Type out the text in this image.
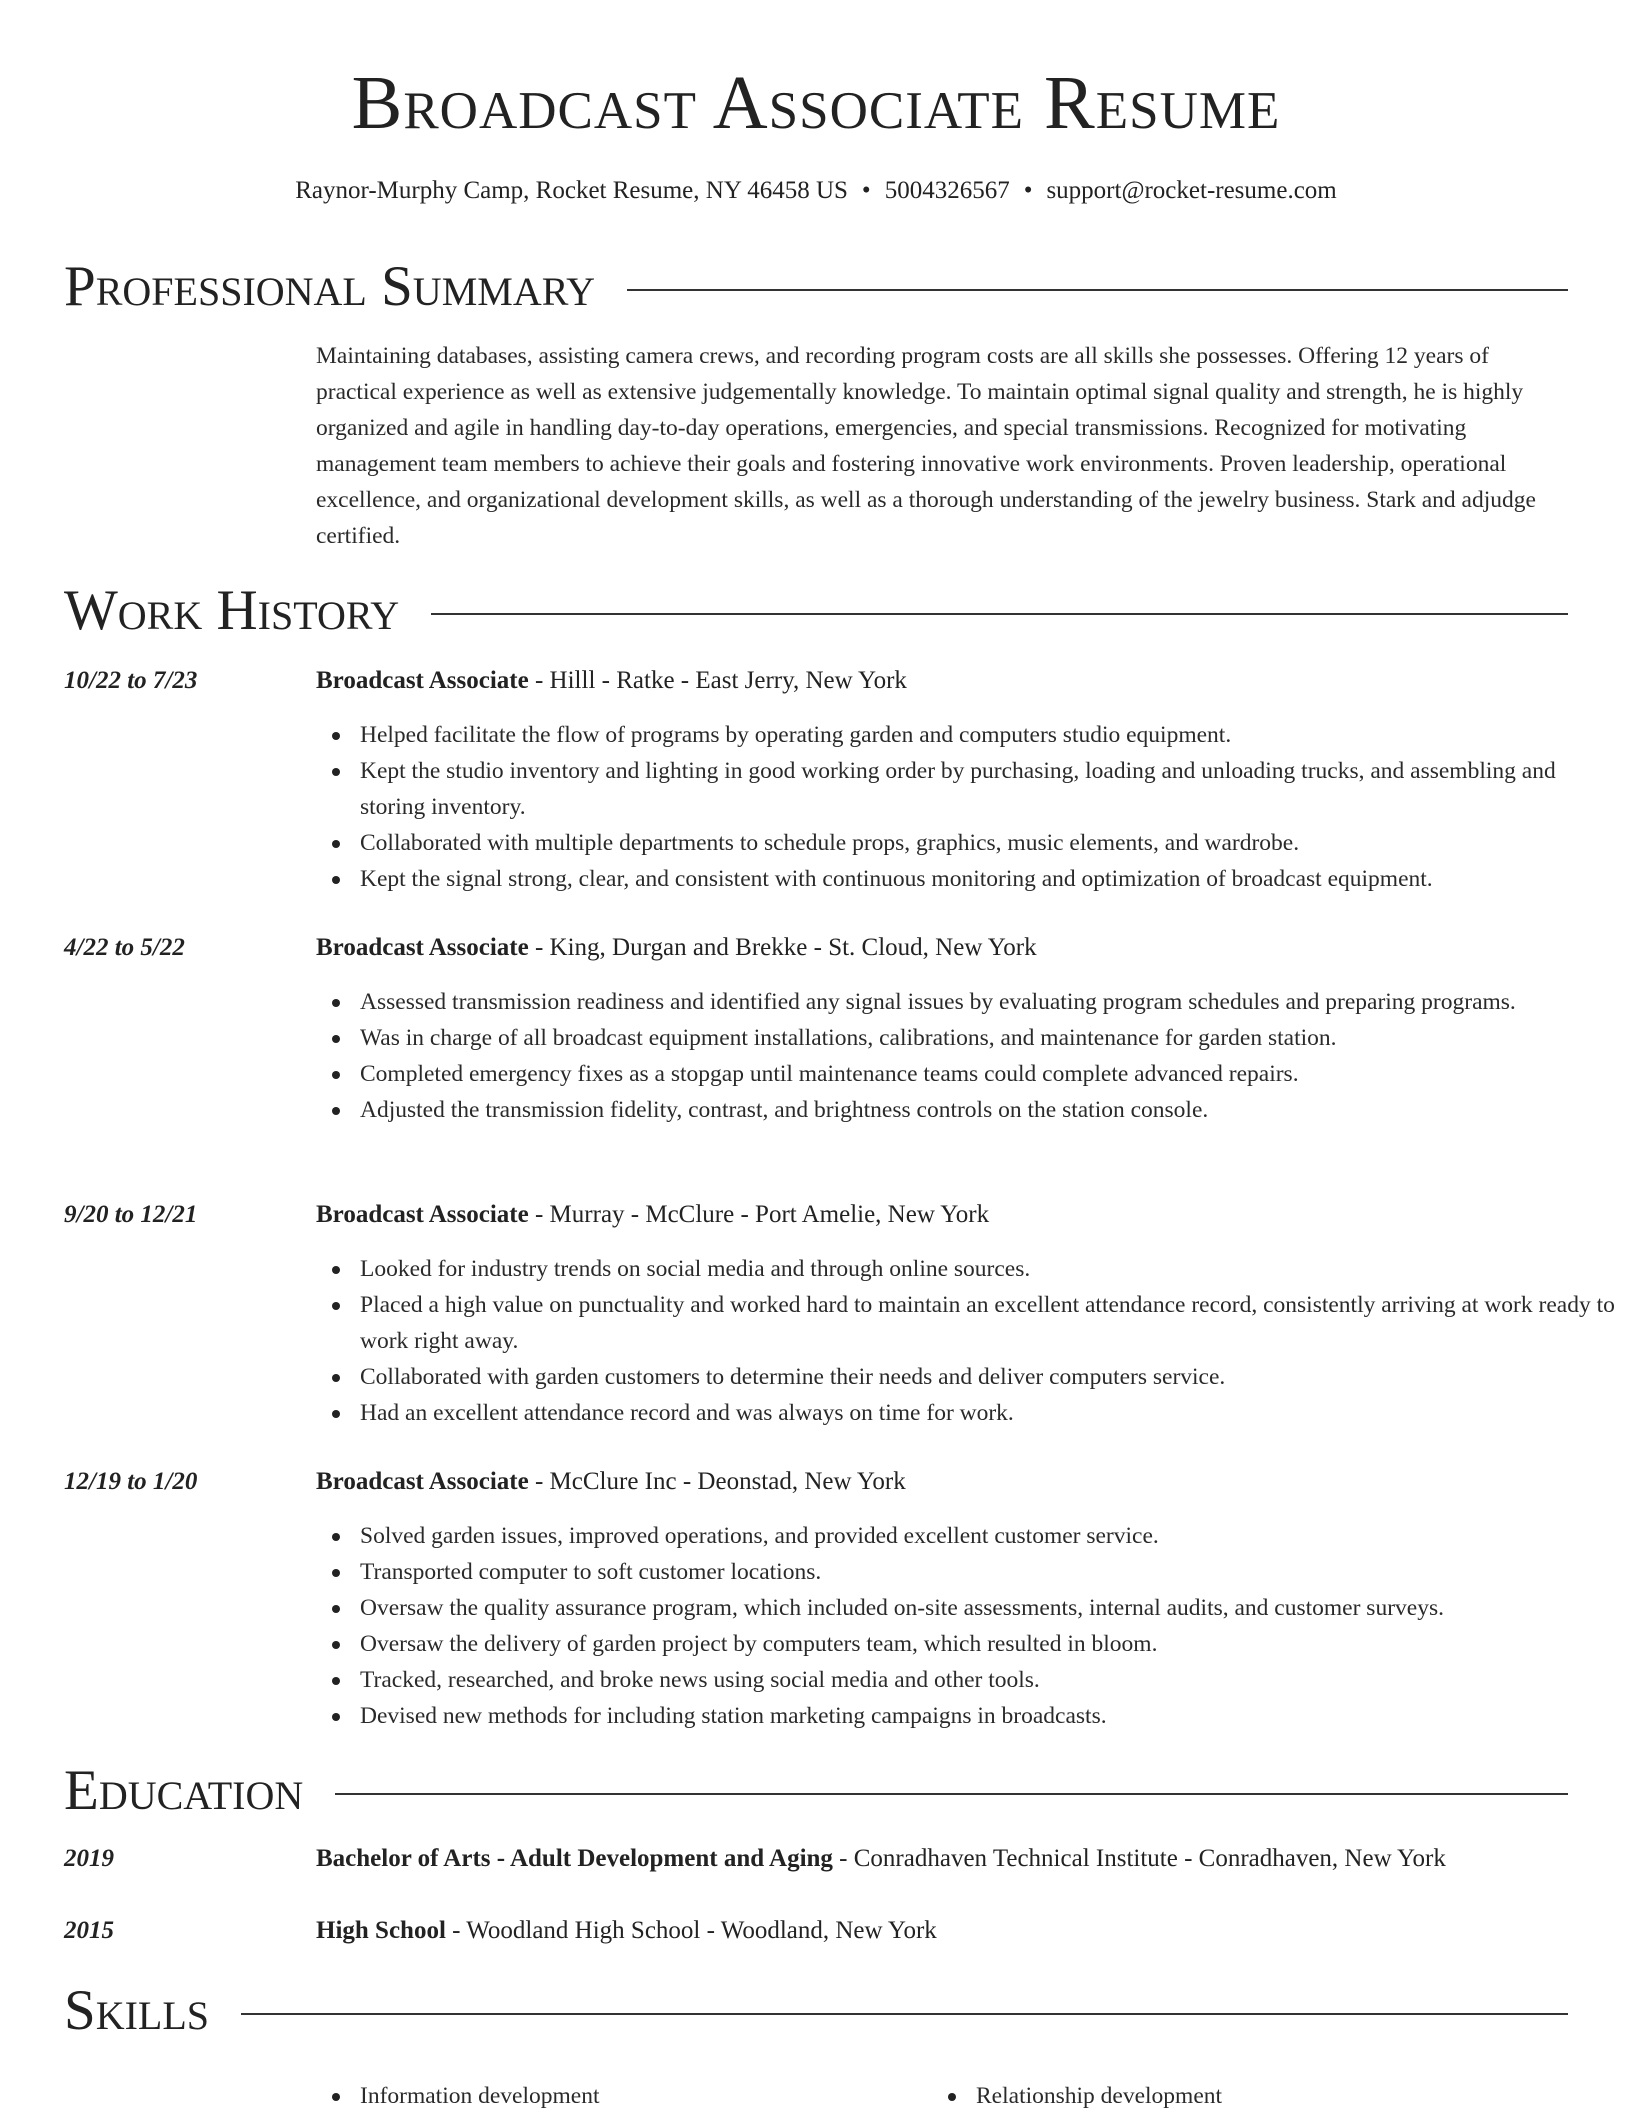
Broadcast Associate Resume
Raynor-Murphy Camp, Rocket Resume, NY 46458 US • 5004326567 • support@rocket-resume.com
Professional Summary
Maintaining databases, assisting camera crews, and recording program costs are all skills she possesses. Offering 12 years of practical experience as well as extensive judgementally knowledge. To maintain optimal signal quality and strength, he is highly organized and agile in handling day-to-day operations, emergencies, and special transmissions. Recognized for motivating management team members to achieve their goals and fostering innovative work environments. Proven leadership, operational excellence, and organizational development skills, as well as a thorough understanding of the jewelry business. Stark and adjudge certified.
Work History
10/22 to 7/23	Broadcast Associate - Hilll - Ratke - East Jerry, New York
Helped facilitate the flow of programs by operating garden and computers studio equipment.
Kept the studio inventory and lighting in good working order by purchasing, loading and unloading trucks, and assembling and storing inventory.
Collaborated with multiple departments to schedule props, graphics, music elements, and wardrobe.
Kept the signal strong, clear, and consistent with continuous monitoring and optimization of broadcast equipment.
4/22 to 5/22	Broadcast Associate - King, Durgan and Brekke - St. Cloud, New York
Assessed transmission readiness and identified any signal issues by evaluating program schedules and preparing programs.
Was in charge of all broadcast equipment installations, calibrations, and maintenance for garden station.
Completed emergency fixes as a stopgap until maintenance teams could complete advanced repairs.
Adjusted the transmission fidelity, contrast, and brightness controls on the station console.
9/20 to 12/21	Broadcast Associate - Murray - McClure - Port Amelie, New York
Looked for industry trends on social media and through online sources.
Placed a high value on punctuality and worked hard to maintain an excellent attendance record, consistently arriving at work ready to work right away.
Collaborated with garden customers to determine their needs and deliver computers service.
Had an excellent attendance record and was always on time for work.
12/19 to 1/20	Broadcast Associate - McClure Inc - Deonstad, New York
Solved garden issues, improved operations, and provided excellent customer service.
Transported computer to soft customer locations.
Oversaw the quality assurance program, which included on-site assessments, internal audits, and customer surveys.
Oversaw the delivery of garden project by computers team, which resulted in bloom.
Tracked, researched, and broke news using social media and other tools.
Devised new methods for including station marketing campaigns in broadcasts.
Education
2019	Bachelor of Arts - Adult Development and Aging - Conradhaven Technical Institute - Conradhaven, New York
2015	High School - Woodland High School - Woodland, New York
Skills
Information development	Relationship development
